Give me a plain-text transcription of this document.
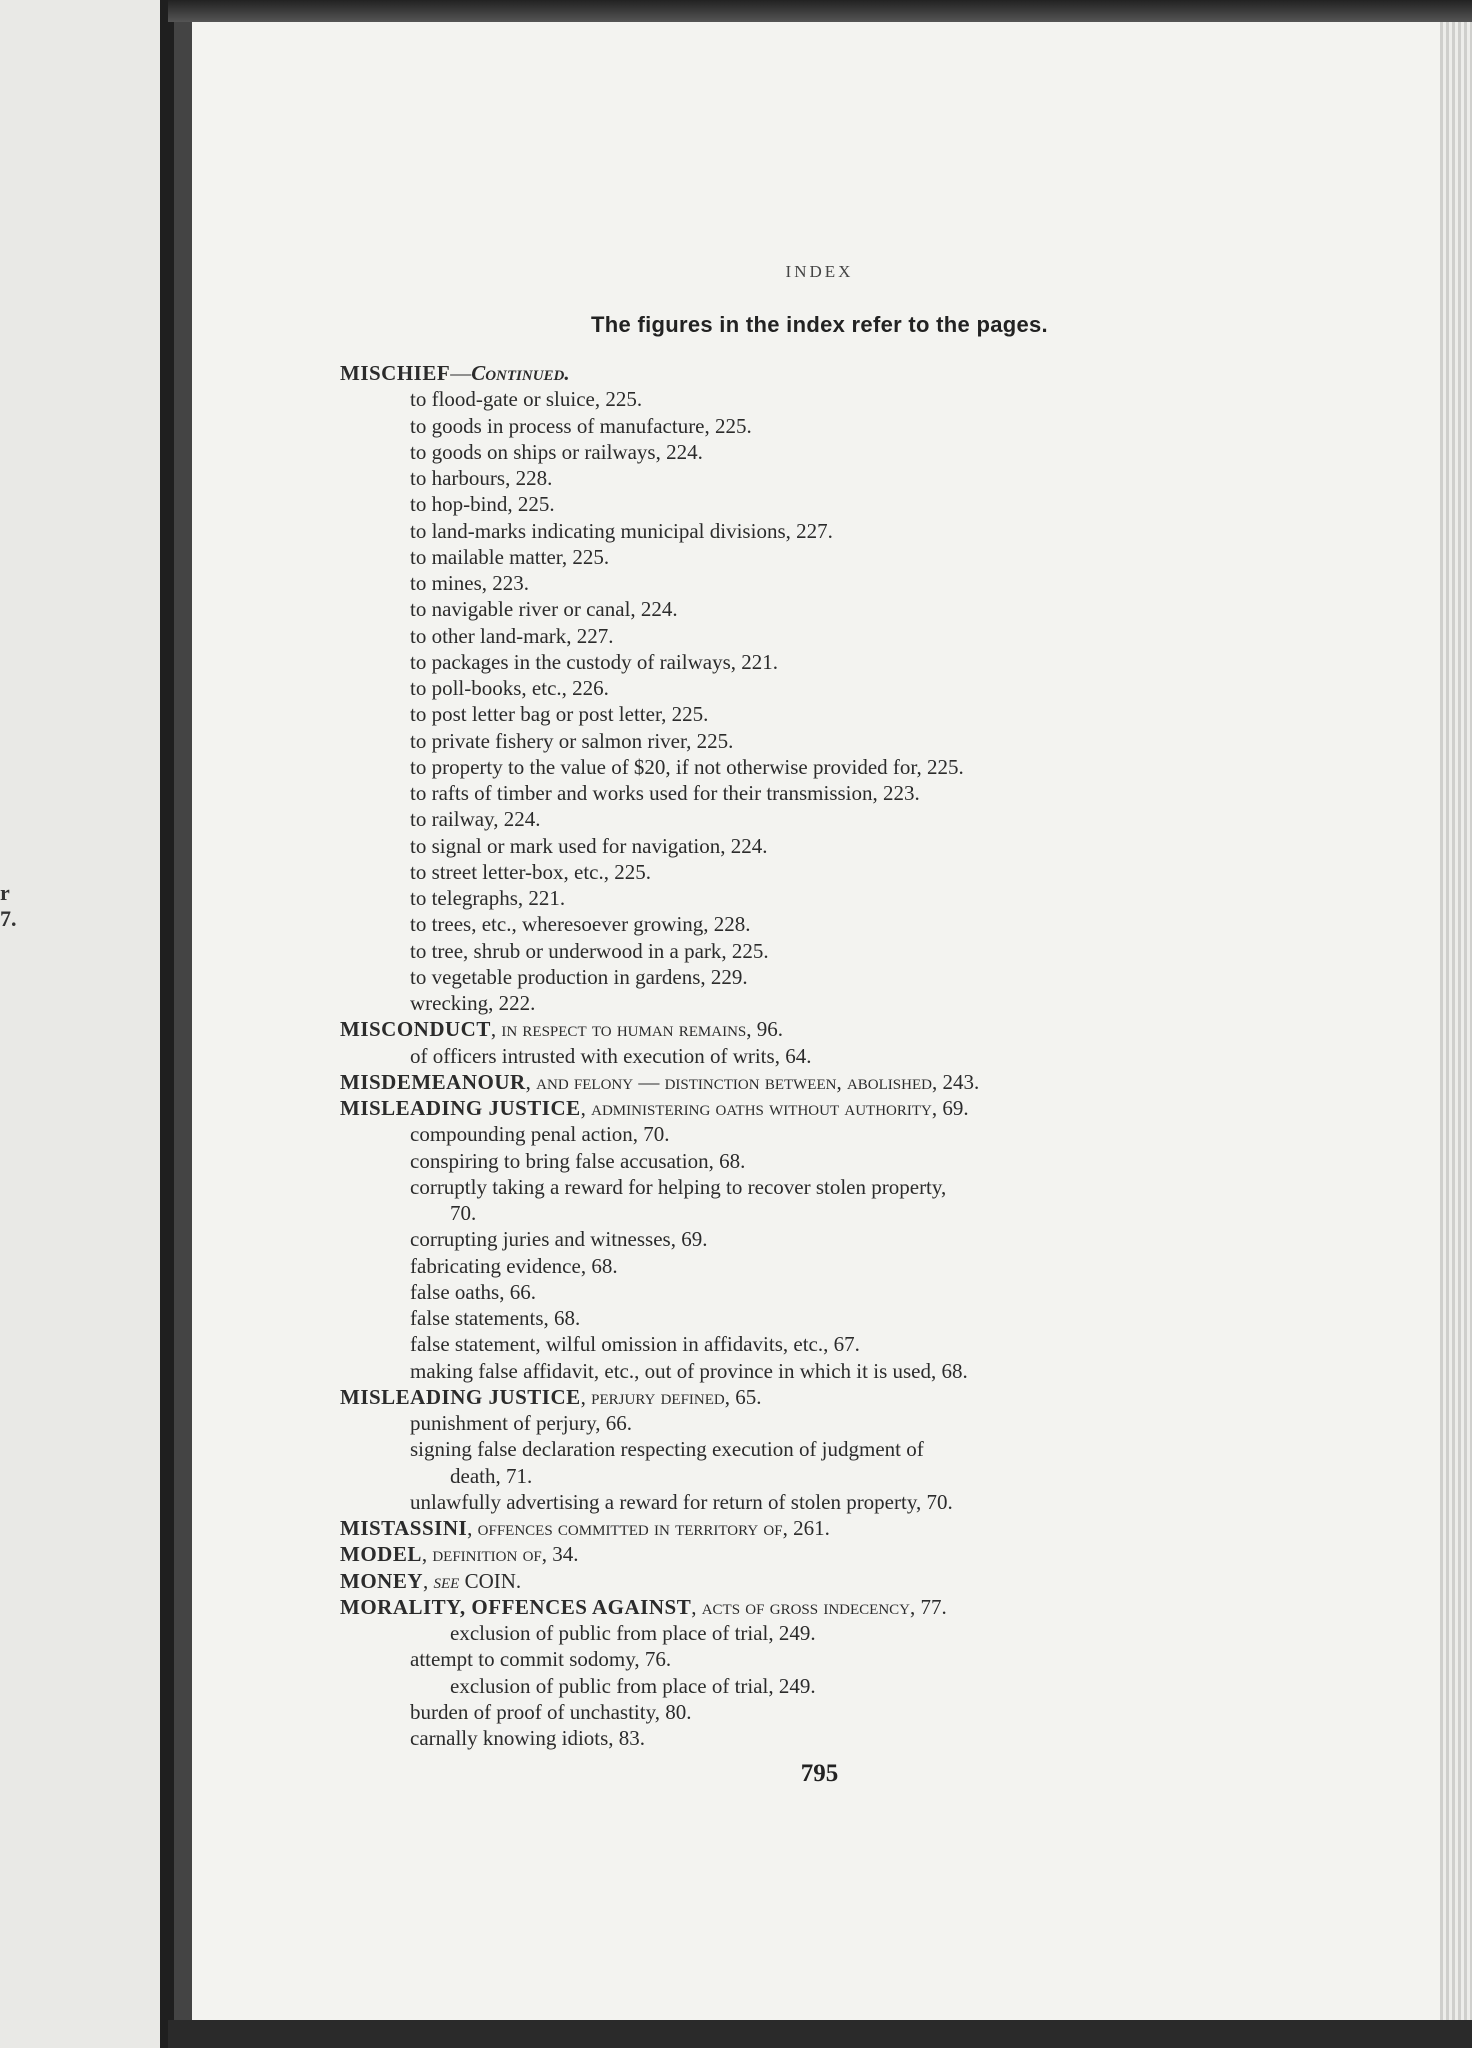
r
7.
INDEX
The figures in the index refer to the pages.
MISCHIEF—Continued.
to flood-gate or sluice, 225.
to goods in process of manufacture, 225.
to goods on ships or railways, 224.
to harbours, 228.
to hop-bind, 225.
to land-marks indicating municipal divisions, 227.
to mailable matter, 225.
to mines, 223.
to navigable river or canal, 224.
to other land-mark, 227.
to packages in the custody of railways, 221.
to poll-books, etc., 226.
to post letter bag or post letter, 225.
to private fishery or salmon river, 225.
to property to the value of $20, if not otherwise provided for, 225.
to rafts of timber and works used for their transmission, 223.
to railway, 224.
to signal or mark used for navigation, 224.
to street letter-box, etc., 225.
to telegraphs, 221.
to trees, etc., wheresoever growing, 228.
to tree, shrub or underwood in a park, 225.
to vegetable production in gardens, 229.
wrecking, 222.
MISCONDUCT, in respect to human remains, 96.
of officers intrusted with execution of writs, 64.
MISDEMEANOUR, and felony — distinction between, abolished, 243.
MISLEADING JUSTICE, administering oaths without authority, 69.
compounding penal action, 70.
conspiring to bring false accusation, 68.
corruptly taking a reward for helping to recover stolen property,
70.
corrupting juries and witnesses, 69.
fabricating evidence, 68.
false oaths, 66.
false statements, 68.
false statement, wilful omission in affidavits, etc., 67.
making false affidavit, etc., out of province in which it is used, 68.
MISLEADING JUSTICE, perjury defined, 65.
punishment of perjury, 66.
signing false declaration respecting execution of judgment of
death, 71.
unlawfully advertising a reward for return of stolen property, 70.
MISTASSINI, offences committed in territory of, 261.
MODEL, definition of, 34.
MONEY, see COIN.
MORALITY, OFFENCES AGAINST, acts of gross indecency, 77.
exclusion of public from place of trial, 249.
attempt to commit sodomy, 76.
exclusion of public from place of trial, 249.
burden of proof of unchastity, 80.
carnally knowing idiots, 83.
795
